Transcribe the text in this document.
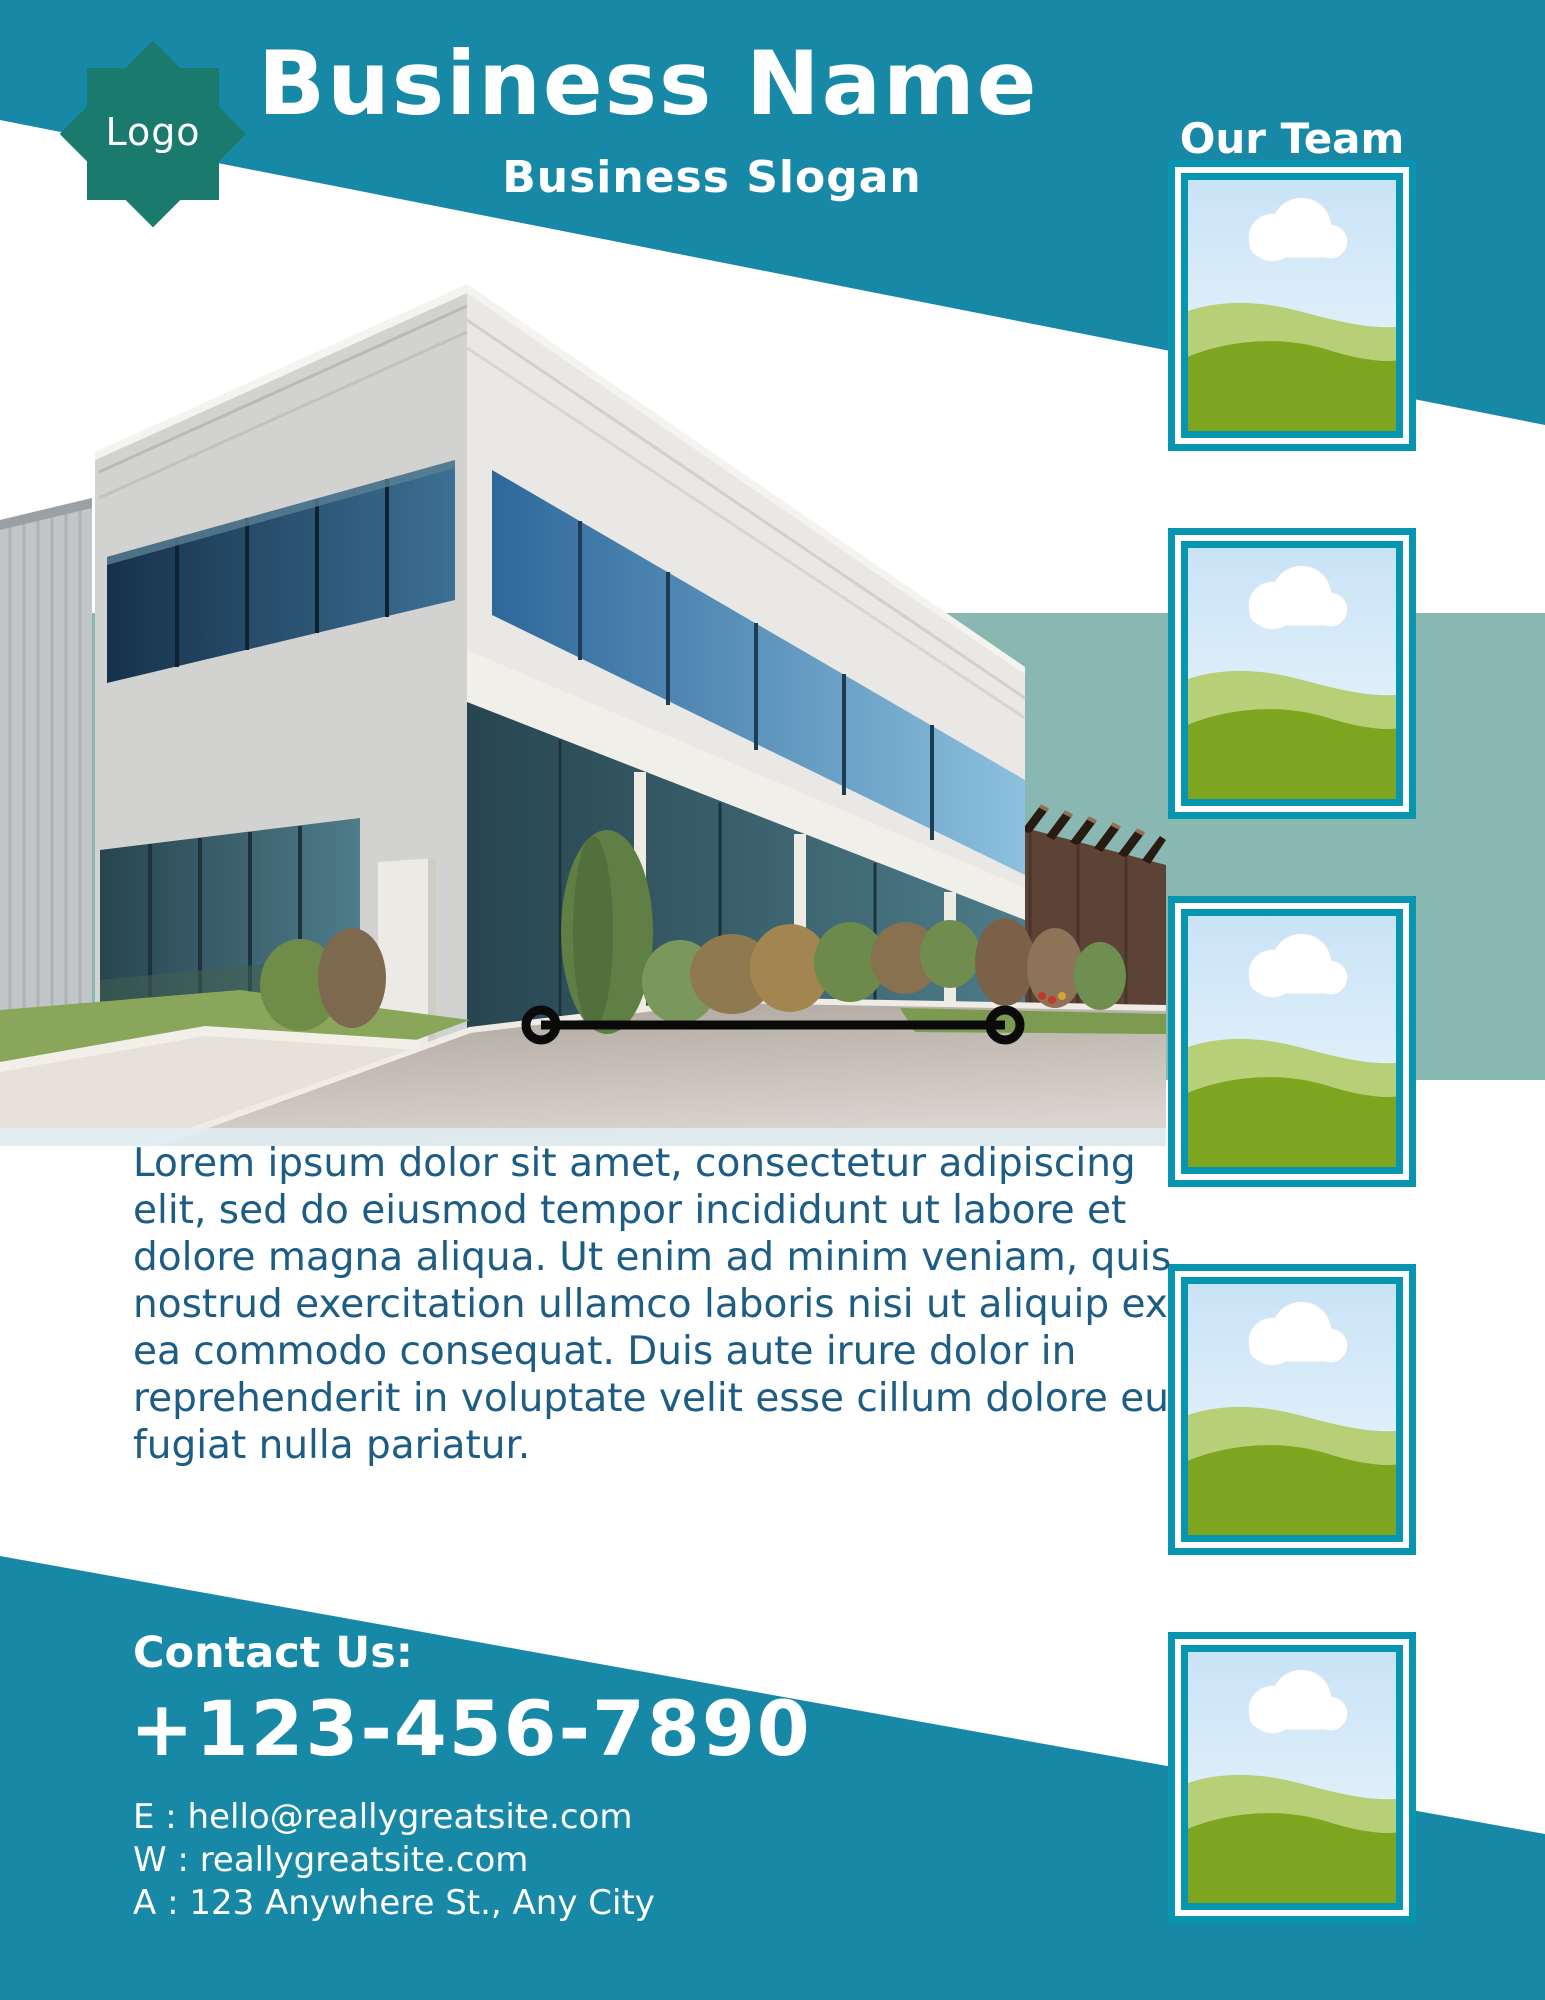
Logo Business Name
Business Slogan
Our Team
Lorem ipsum dolor sit amet, consectetur adipiscing elit, sed do eiusmod tempor incididunt ut labore et dolore magna aliqua. Ut enim ad minim veniam, quis nostrud exercitation ullamco laboris nisi ut aliquip ex ea commodo consequat. Duis aute irure dolor in reprehenderit in voluptate velit esse cillum dolore eu fugiat nulla pariatur.
Contact Us:
+123-456-7890
E : hello@reallygreatsite.com
W : reallygreatsite.com
A : 123 Anywhere St., Any City
